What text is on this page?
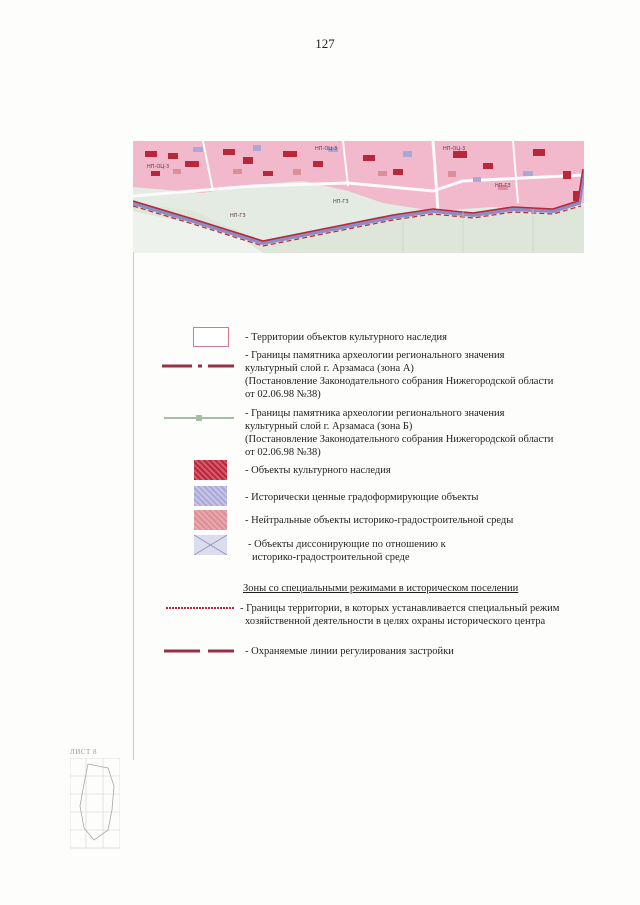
127
НП-ОЦ-3
НП-ОЦ-3
НП-ОЦ-3
НП-ГЗ
НП-ГЗ
НП-ГЗ
- Территории объектов культурного наследия
- Границы памятника археологии регионального значения
культурный слой г. Арзамаса (зона А)
(Постановление Законодательного собрания Нижегородской области
от 02.06.98 №38)
- Границы памятника археологии регионального значения
культурный слой г. Арзамаса (зона Б)
(Постановление Законодательного собрания Нижегородской области
от 02.06.98 №38)
- Объекты культурного наследия
- Исторически ценные градоформирующие объекты
- Нейтральные объекты историко-градостроительной среды
- Объекты диссонирующие по отношению к
историко-градостроительной среде
Зоны со специальными режимами в историческом поселении
- Границы территории, в которых устанавливается специальный режим
хозяйственной деятельности в целях охраны исторического центра
- Охраняемые линии регулирования застройки
ЛИСТ 8
